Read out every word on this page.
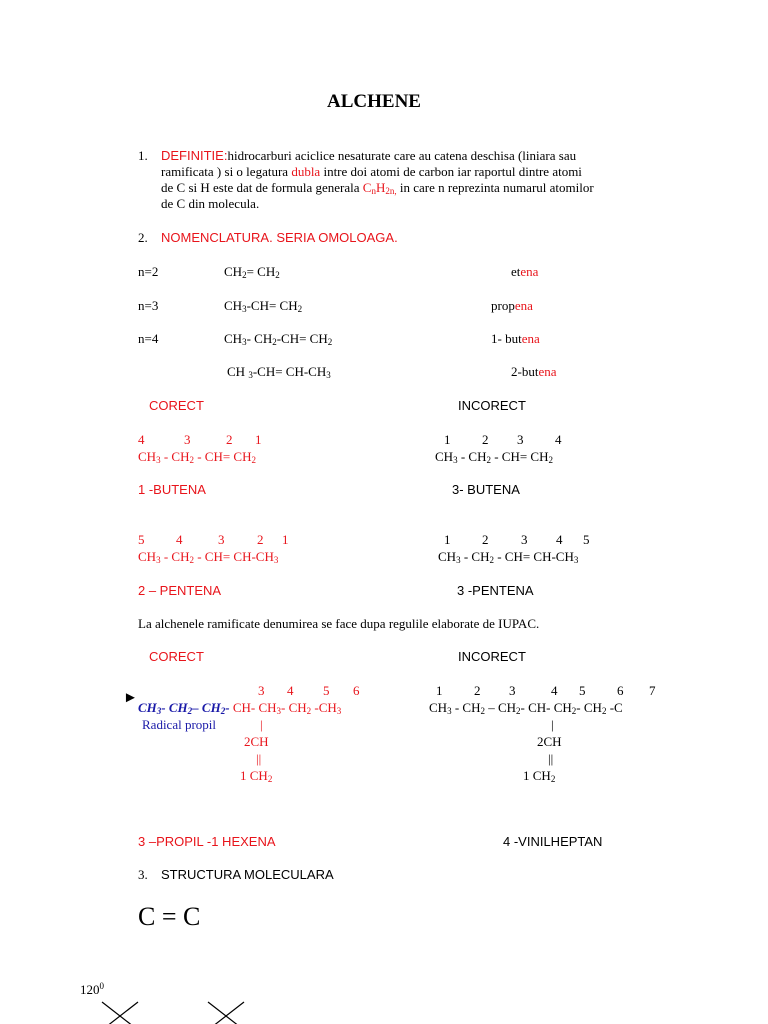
ALCHENE
1. DEFINITIE:hidrocarburi aciclice nesaturate care au catena deschisa (liniara sau
ramificata ) si o legatura dubla intre doi atomi de carbon iar raportul dintre atomi
de C si H este dat de formula generala $C_nH_{2n,}$ in care n reprezinta numarul atomilor
de C din molecula.
2. NOMENCLATURA. SERIA OMOLOAGA.
n=2	$CH_2= CH_2$	etena
n=3	$CH_3-CH= CH_2$	propena
n=4	$CH_3-$ $CH_2-CH= CH_2$	1- butena
CH $_3-CH= CH-CH_3$	2-butena
CORECT	INCORECT
4	3	2 1	1 2 3 4
$CH_3 - CH_2 - CH= CH_2$	$CH_3 - CH_2 - CH= CH_2$
1 -BUTENA	3- BUTENA
5 4	3	2 1	1 2	3 4 5
$CH_3 - CH_2 - CH= CH-CH_3$	$CH_3 - CH_2 - CH= CH-CH_3$
2 – PENTENA	3 -PENTENA
La alchenele ramificate denumirea se face dupa regulile elaborate de IUPAC.
CORECT	INCORECT
3 4 5 6	1 2 3	4 5 6 7
►
$CH_3-$ $CH_2-$ $CH_2-$ CH- $CH_3-$ $CH_2$ $-CH_3$	$CH_3 - CH_2 - CH_2-$ CH- $CH_2-$ $CH_2$ -C
Radical propil	|	|
2CH	2CH
||	||
1 $CH_2$	1 $CH_2$
3 –PROPIL -1 HEXENA	4 -VINILHEPTAN
3. STRUCTURA MOLECULARA
C = C
$120^0$
